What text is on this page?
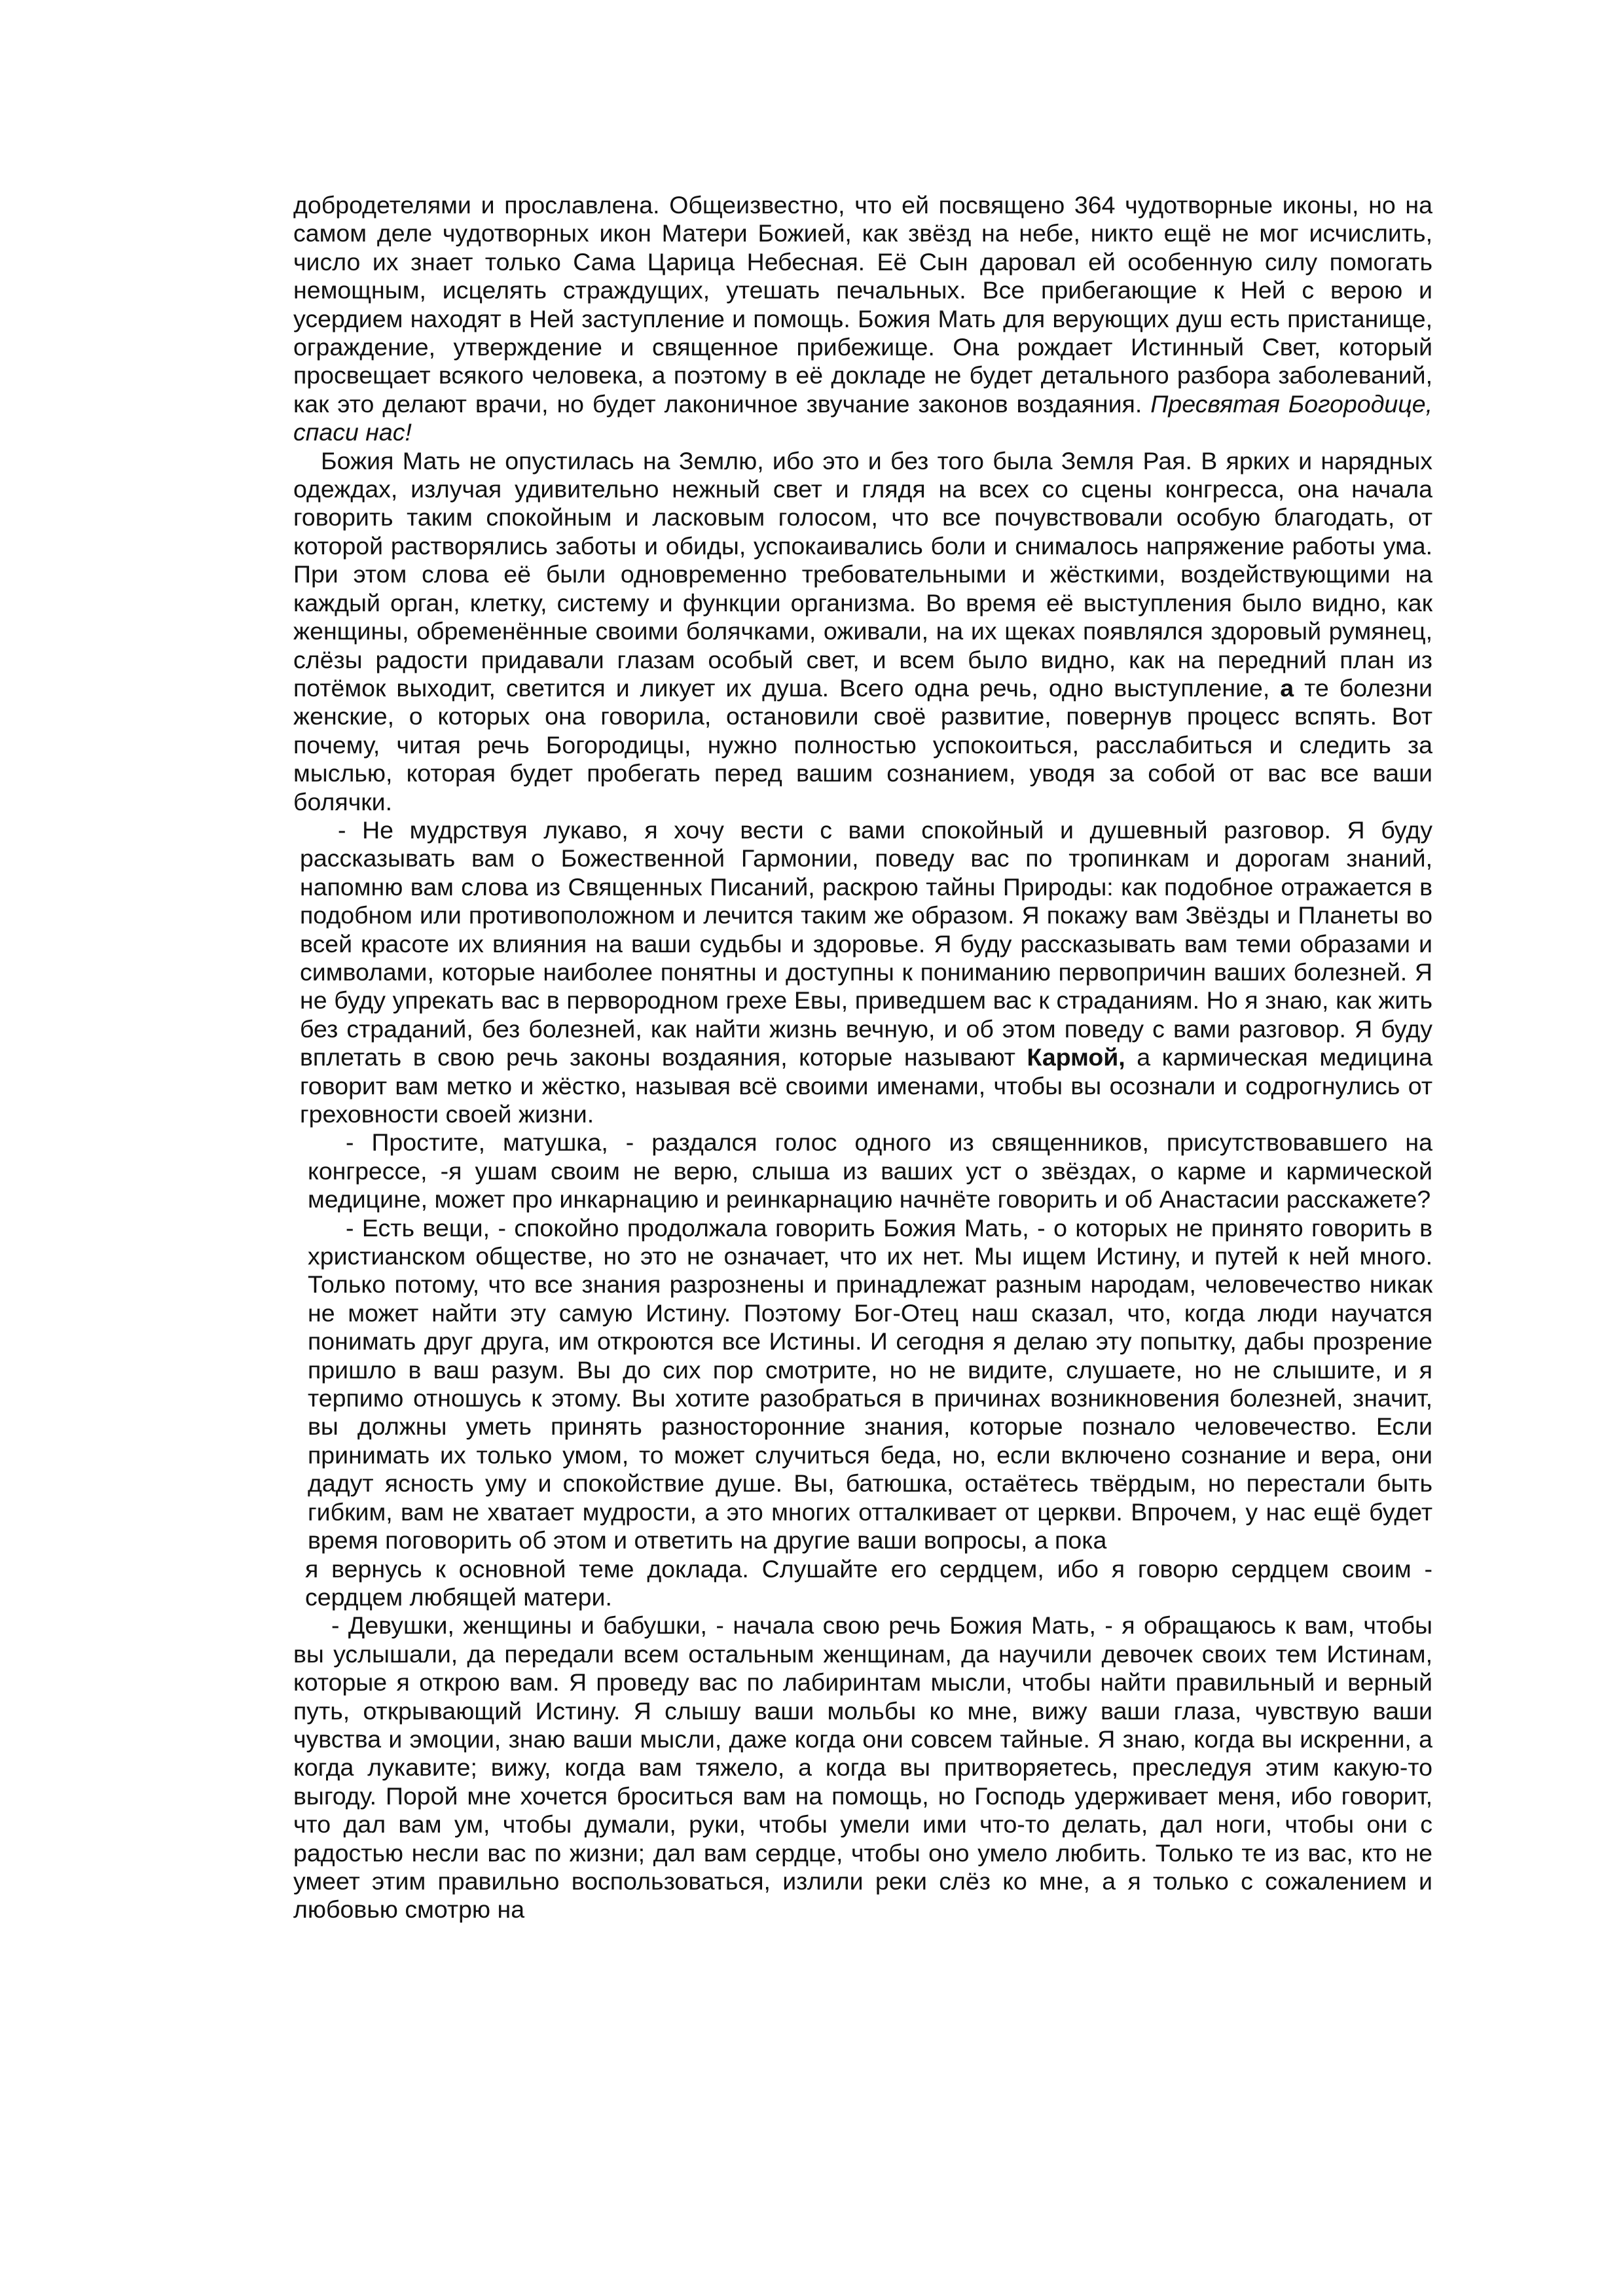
добродетелями и прославлена. Общеизвестно, что ей посвящено 364 чудотворные иконы, но на самом деле чудотворных икон Матери Божией, как звёзд на небе, никто ещё не мог исчислить, число их знает только Сама Царица Небесная. Её Сын даровал ей особенную силу помогать немощным, исцелять страждущих, утешать печальных. Все прибегающие к Ней с верою и усердием находят в Ней заступление и помощь. Божия Мать для верующих душ есть пристанище, ограждение, утверждение и священное прибежище. Она рождает Истинный Свет, который просвещает всякого человека, а поэтому в её докладе не будет детального разбора заболеваний, как это делают врачи, но будет лаконичное звучание законов воздаяния. Пресвятая Богородице, спаси нас!

Божия Мать не опустилась на Землю, ибо это и без того была Земля Рая. В ярких и нарядных одеждах, излучая удивительно нежный свет и глядя на всех со сцены конгресса, она начала говорить таким спокойным и ласковым голосом, что все почувствовали особую благодать, от которой растворялись заботы и обиды, успокаивались боли и снималось напряжение работы ума. При этом слова её были одновременно требовательными и жёсткими, воздействующими на каждый орган, клетку, систему и функции организма. Во время её выступления было видно, как женщины, обременённые своими болячками, оживали, на их щеках появлялся здоровый румянец, слёзы радости придавали глазам особый свет, и всем было видно, как на передний план из потёмок выходит, светится и ликует их душа. Всего одна речь, одно выступление, а те болезни женские, о которых она говорила, остановили своё развитие, повернув процесс вспять. Вот почему, читая речь Богородицы, нужно полностью успокоиться, расслабиться и следить за мыслью, которая будет пробегать перед вашим сознанием, уводя за собой от вас все ваши болячки.

- Не мудрствуя лукаво, я хочу вести с вами спокойный и душевный разговор. Я буду рассказывать вам о Божественной Гармонии, поведу вас по тропинкам и дорогам знаний, напомню вам слова из Священных Писаний, раскрою тайны Природы: как подобное отражается в подобном или противоположном и лечится таким же образом. Я покажу вам Звёзды и Планеты во всей красоте их влияния на ваши судьбы и здоровье. Я буду рассказывать вам теми образами и символами, которые наиболее понятны и доступны к пониманию первопричин ваших болезней. Я не буду упрекать вас в первородном грехе Евы, приведшем вас к страданиям. Но я знаю, как жить без страданий, без болезней, как найти жизнь вечную, и об этом поведу с вами разговор. Я буду вплетать в свою речь законы воздаяния, которые называют Кармой, а кармическая медицина говорит вам метко и жёстко, называя всё своими именами, чтобы вы осознали и содрогнулись от греховности своей жизни.

- Простите, матушка, - раздался голос одного из священников, присутствовавшего на конгрессе, -я ушам своим не верю, слыша из ваших уст о звёздах, о карме и кармической медицине, может про инкарнацию и реинкарнацию начнёте говорить и об Анастасии расскажете?

- Есть вещи, - спокойно продолжала говорить Божия Мать, - о которых не принято говорить в христианском обществе, но это не означает, что их нет. Мы ищем Истину, и путей к ней много. Только потому, что все знания разрознены и принадлежат разным народам, человечество никак не может найти эту самую Истину. Поэтому Бог-Отец наш сказал, что, когда люди научатся понимать друг друга, им откроются все Истины. И сегодня я делаю эту попытку, дабы прозрение пришло в ваш разум. Вы до сих пор смотрите, но не видите, слушаете, но не слышите, и я терпимо отношусь к этому. Вы хотите разобраться в причинах возникновения болезней, значит, вы должны уметь принять разносторонние знания, которые познало человечество. Если принимать их только умом, то может случиться беда, но, если включено сознание и вера, они дадут ясность уму и спокойствие душе. Вы, батюшка, остаётесь твёрдым, но перестали быть гибким, вам не хватает мудрости, а это многих отталкивает от церкви. Впрочем, у нас ещё будет время поговорить об этом и ответить на другие ваши вопросы, а пока

я вернусь к основной теме доклада. Слушайте его сердцем, ибо я говорю сердцем своим - сердцем любящей матери.

- Девушки, женщины и бабушки, - начала свою речь Божия Мать, - я обращаюсь к вам, чтобы вы услышали, да передали всем остальным женщинам, да научили девочек своих тем Истинам, которые я открою вам. Я проведу вас по лабиринтам мысли, чтобы найти правильный и верный путь, открывающий Истину. Я слышу ваши мольбы ко мне, вижу ваши глаза, чувствую ваши чувства и эмоции, знаю ваши мысли, даже когда они совсем тайные. Я знаю, когда вы искренни, а когда лукавите; вижу, когда вам тяжело, а когда вы притворяетесь, преследуя этим какую-то выгоду. Порой мне хочется броситься вам на помощь, но Господь удерживает меня, ибо говорит, что дал вам ум, чтобы думали, руки, чтобы умели ими что-то делать, дал ноги, чтобы они с радостью несли вас по жизни; дал вам сердце, чтобы оно умело любить. Только те из вас, кто не умеет этим правильно воспользоваться, излили реки слёз ко мне, а я только с сожалением и любовью смотрю на
